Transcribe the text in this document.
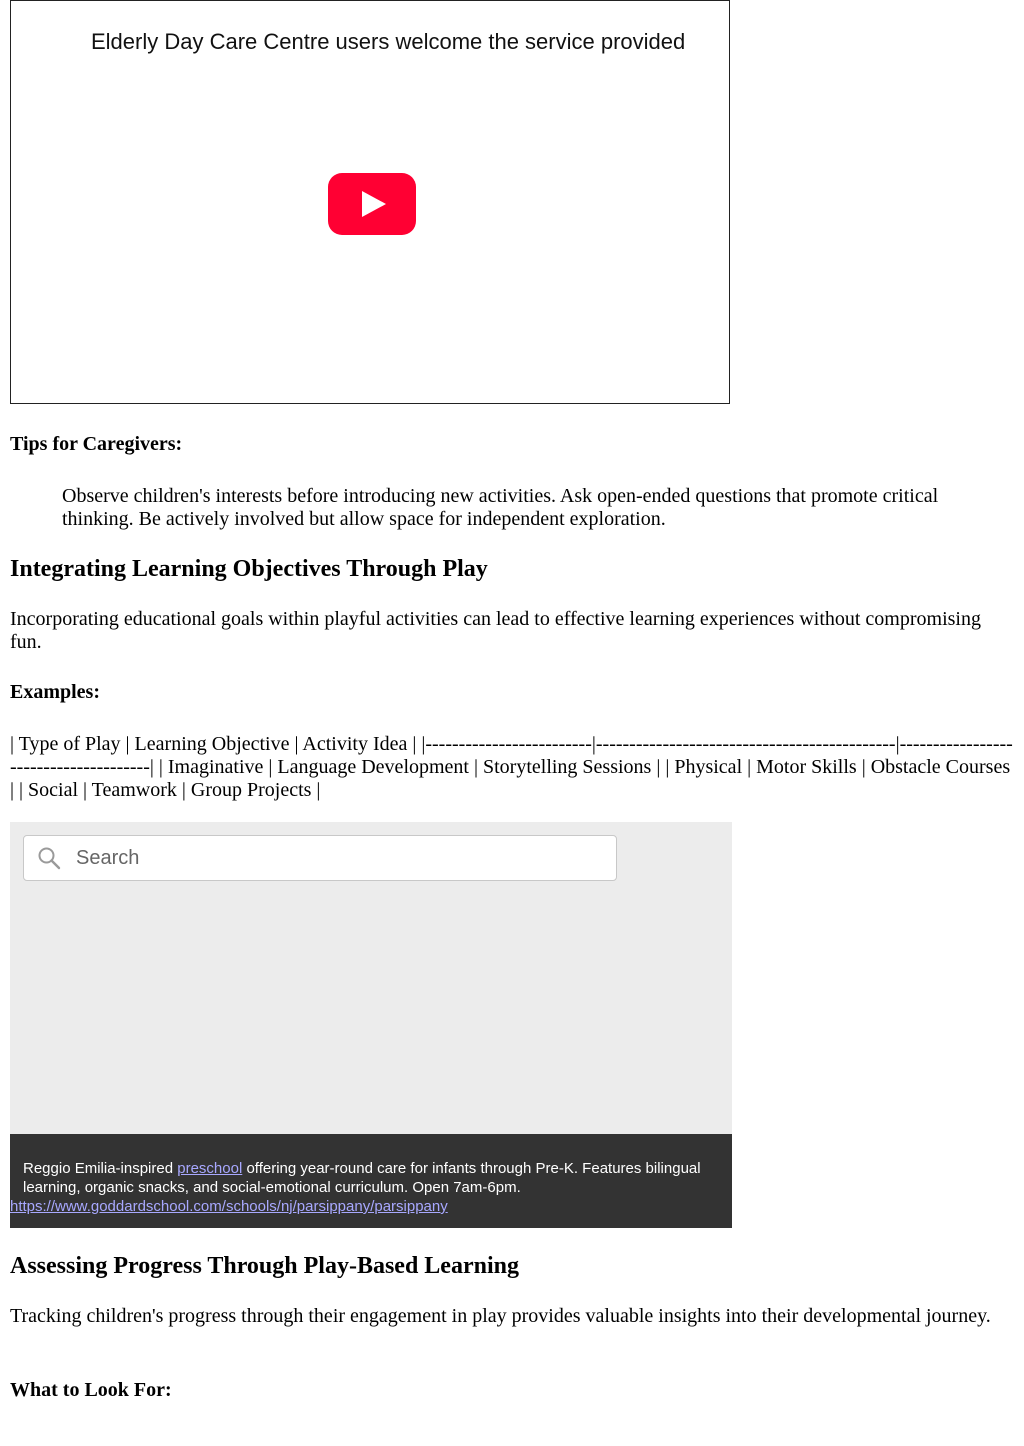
Elderly Day Care Centre users welcome the service provided
Tips for Caregivers:
Observe children's interests before introducing new activities. Ask open-ended questions that promote critical thinking. Be actively involved but allow space for independent exploration.
Integrating Learning Objectives Through Play
Incorporating educational goals within playful activities can lead to effective learning experiences without compromising fun.
Examples:
| Type of Play | Learning Objective | Activity Idea | |-------------------------|---------------------------------------------|--------------------------------------| | Imaginative | Language Development | Storytelling Sessions | | Physical | Motor Skills | Obstacle Courses | | Social | Teamwork | Group Projects |
Search
Reggio Emilia-inspired preschool offering year-round care for infants through Pre-K. Features bilingual learning, organic snacks, and social-emotional curriculum. Open 7am-6pm.
https://www.goddardschool.com/schools/nj/parsippany/parsippany
Assessing Progress Through Play-Based Learning
Tracking children's progress through their engagement in play provides valuable insights into their developmental journey.
What to Look For:
